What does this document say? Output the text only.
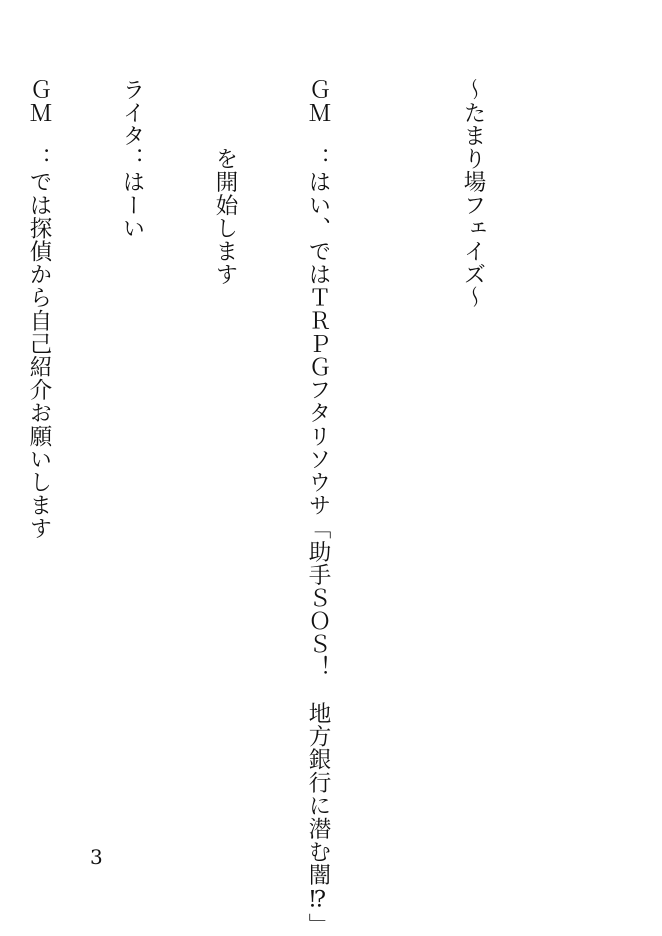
〜たまり場フェイズ〜

ＧＭ　：はい、ではＴＲＰＧフタリソウサ「助手ＳＯＳ！　地方銀行に潜む闇⁉」

　　　を開始します

ライタ：はーい

ＧＭ　：では探偵から自己紹介お願いします

3
